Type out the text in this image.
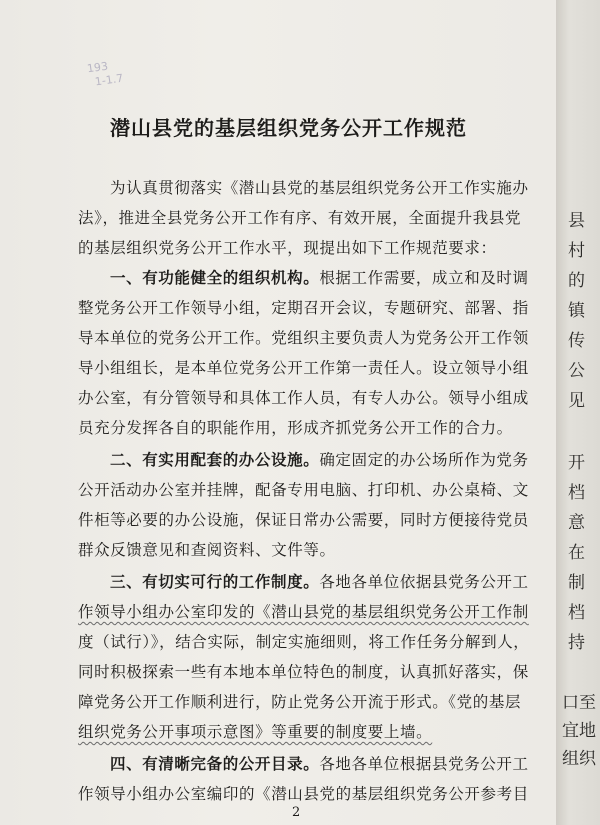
193
1-1.7
潜山县党的基层组织党务公开工作规范
为认真贯彻落实《潜山县党的基层组织党务公开工作实施办
法》，推进全县党务公开工作有序、有效开展，全面提升我县党
的基层组织党务公开工作水平，现提出如下工作规范要求：
一、有功能健全的组织机构。根据工作需要，成立和及时调
整党务公开工作领导小组，定期召开会议，专题研究、部署、指
导本单位的党务公开工作。党组织主要负责人为党务公开工作领
导小组组长，是本单位党务公开工作第一责任人。设立领导小组
办公室，有分管领导和具体工作人员，有专人办公。领导小组成
员充分发挥各自的职能作用，形成齐抓党务公开工作的合力。
二、有实用配套的办公设施。确定固定的办公场所作为党务
公开活动办公室并挂牌，配备专用电脑、打印机、办公桌椅、文
件柜等必要的办公设施，保证日常办公需要，同时方便接待党员
群众反馈意见和查阅资料、文件等。
三、有切实可行的工作制度。各地各单位依据县党务公开工
作领导小组办公室印发的《潜山县党的基层组织党务公开工作制
度（试行）》，结合实际，制定实施细则，将工作任务分解到人，
同时积极探索一些有本地本单位特色的制度，认真抓好落实，保
障党务公开工作顺利进行，防止党务公开流于形式。《党的基层
组织党务公开事项示意图》等重要的制度要上墙。
四、有清晰完备的公开目录。各地各单位根据县党务公开工
作领导小组办公室编印的《潜山县党的基层组织党务公开参考目
2
县
村
的
镇
传
公
见
开
档
意
在
制
档
持
口至
宜地
组织
